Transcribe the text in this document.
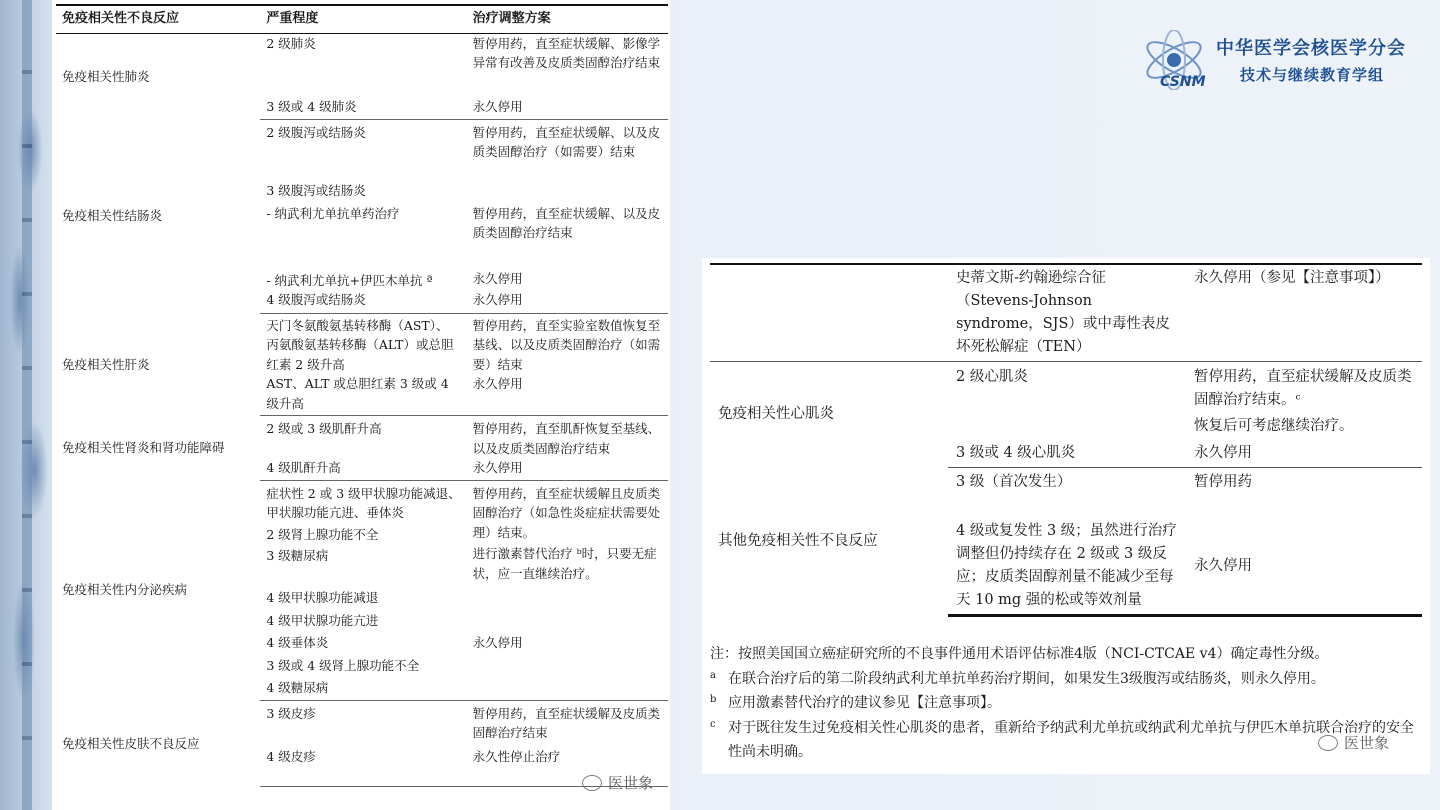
免疫相关性不良反应	严重程度	治疗调整方案
免疫相关性肺炎	2 级肺炎	暂停用药，直至症状缓解、影像学异常有改善及皮质类固醇治疗结束
	3 级或 4 级肺炎	永久停用
免疫相关性结肠炎	2 级腹泻或结肠炎	暂停用药，直至症状缓解、以及皮质类固醇治疗（如需要）结束
	3 级腹泻或结肠炎	
	- 纳武利尤单抗单药治疗	暂停用药，直至症状缓解、以及皮质类固醇治疗结束
	- 纳武利尤单抗+伊匹木单抗 ª	永久停用
	4 级腹泻或结肠炎	永久停用
免疫相关性肝炎	天门冬氨酸氨基转移酶（AST）、丙氨酸氨基转移酶（ALT）或总胆红素 2 级升高	暂停用药，直至实验室数值恢复至基线、以及皮质类固醇治疗（如需要）结束
	AST、ALT 或总胆红素 3 级或 4 级升高	永久停用
免疫相关性肾炎和肾功能障碍	2 级或 3 级肌酐升高	暂停用药，直至肌酐恢复至基线、以及皮质类固醇治疗结束
	4 级肌酐升高	永久停用
免疫相关性内分泌疾病	症状性 2 或 3 级甲状腺功能减退、甲状腺功能亢进、垂体炎	暂停用药，直至症状缓解且皮质类固醇治疗（如急性炎症症状需要处理）结束。
	2 级肾上腺功能不全	
	3 级糖尿病	进行激素替代治疗 ᵇ时，只要无症状，应一直继续治疗。
	4 级甲状腺功能减退	
	4 级甲状腺功能亢进	
	4 级垂体炎	永久停用
	3 级或 4 级肾上腺功能不全	
	4 级糖尿病	
免疫相关性皮肤不良反应	3 级皮疹	暂停用药，直至症状缓解及皮质类固醇治疗结束
	4 级皮疹	永久性停止治疗
医世象
CSNM
中华医学会核医学分会
技术与继续教育学组
	史蒂文斯-约翰逊综合征（Stevens-Johnson syndrome，SJS）或中毒性表皮坏死松解症（TEN）	永久停用（参见【注意事项】）
免疫相关性心肌炎	2 级心肌炎	暂停用药，直至症状缓解及皮质类固醇治疗结束。ᶜ
		恢复后可考虑继续治疗。
	3 级或 4 级心肌炎	永久停用
其他免疫相关性不良反应	3 级（首次发生）	暂停用药
	4 级或复发性 3 级；虽然进行治疗调整但仍持续存在 2 级或 3 级反应；皮质类固醇剂量不能减少至每天 10 mg 强的松或等效剂量	永久停用
注：按照美国国立癌症研究所的不良事件通用术语评估标准4版（NCI-CTCAE v4）确定毒性分级。
a 在联合治疗后的第二阶段纳武利尤单抗单药治疗期间，如果发生3级腹泻或结肠炎，则永久停用。
b 应用激素替代治疗的建议参见【注意事项】。
c 对于既往发生过免疫相关性心肌炎的患者，重新给予纳武利尤单抗或纳武利尤单抗与伊匹木单抗联合治疗的安全性尚未明确。	医世象
